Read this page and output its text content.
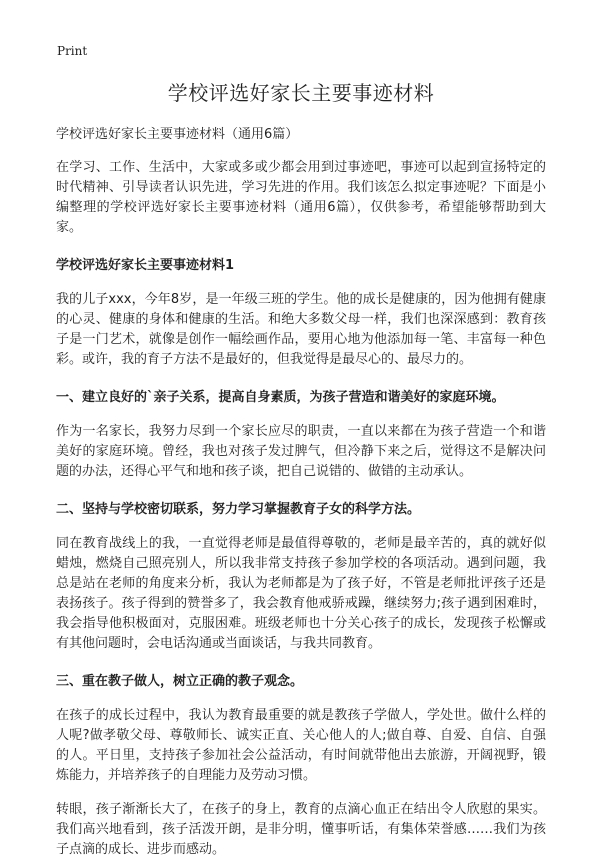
Print
学校评选好家长主要事迹材料
学校评选好家长主要事迹材料（通用6篇）

在学习、工作、生活中，大家或多或少都会用到过事迹吧，事迹可以起到宣扬特定的时代精神、引导读者认识先进，学习先进的作用。我们该怎么拟定事迹呢？下面是小编整理的学校评选好家长主要事迹材料（通用6篇），仅供参考，希望能够帮助到大家。

学校评选好家长主要事迹材料1

我的儿子xxx，今年8岁，是一年级三班的学生。他的成长是健康的，因为他拥有健康的心灵、健康的身体和健康的生活。和绝大多数父母一样，我们也深深感到：教育孩子是一门艺术，就像是创作一幅绘画作品，要用心地为他添加每一笔、丰富每一种色彩。或许，我的育子方法不是最好的，但我觉得是最尽心的、最尽力的。

一、建立良好的`亲子关系，提高自身素质，为孩子营造和谐美好的家庭环境。

作为一名家长，我努力尽到一个家长应尽的职责，一直以来都在为孩子营造一个和谐美好的家庭环境。曾经，我也对孩子发过脾气，但冷静下来之后，觉得这不是解决问题的办法，还得心平气和地和孩子谈，把自己说错的、做错的主动承认。

二、坚持与学校密切联系，努力学习掌握教育子女的科学方法。

同在教育战线上的我，一直觉得老师是最值得尊敬的，老师是最辛苦的，真的就好似蜡烛，燃烧自己照亮别人，所以我非常支持孩子参加学校的各项活动。遇到问题，我总是站在老师的角度来分析，我认为老师都是为了孩子好，不管是老师批评孩子还是表扬孩子。孩子得到的赞誉多了，我会教育他戒骄戒躁，继续努力;孩子遇到困难时，我会指导他积极面对，克服困难。班级老师也十分关心孩子的成长，发现孩子松懈或有其他问题时，会电话沟通或当面谈话，与我共同教育。

三、重在教子做人，树立正确的教子观念。

在孩子的成长过程中，我认为教育最重要的就是教孩子学做人，学处世。做什么样的人呢?做孝敬父母、尊敬师长、诚实正直、关心他人的人;做自尊、自爱、自信、自强的人。平日里，支持孩子参加社会公益活动，有时间就带他出去旅游，开阔视野，锻炼能力，并培养孩子的自理能力及劳动习惯。

转眼，孩子渐渐长大了，在孩子的身上，教育的点滴心血正在结出令人欣慰的果实。我们高兴地看到，孩子活泼开朗，是非分明，懂事听话，有集体荣誉感……我们为孩子点滴的成长、进步而感动。
